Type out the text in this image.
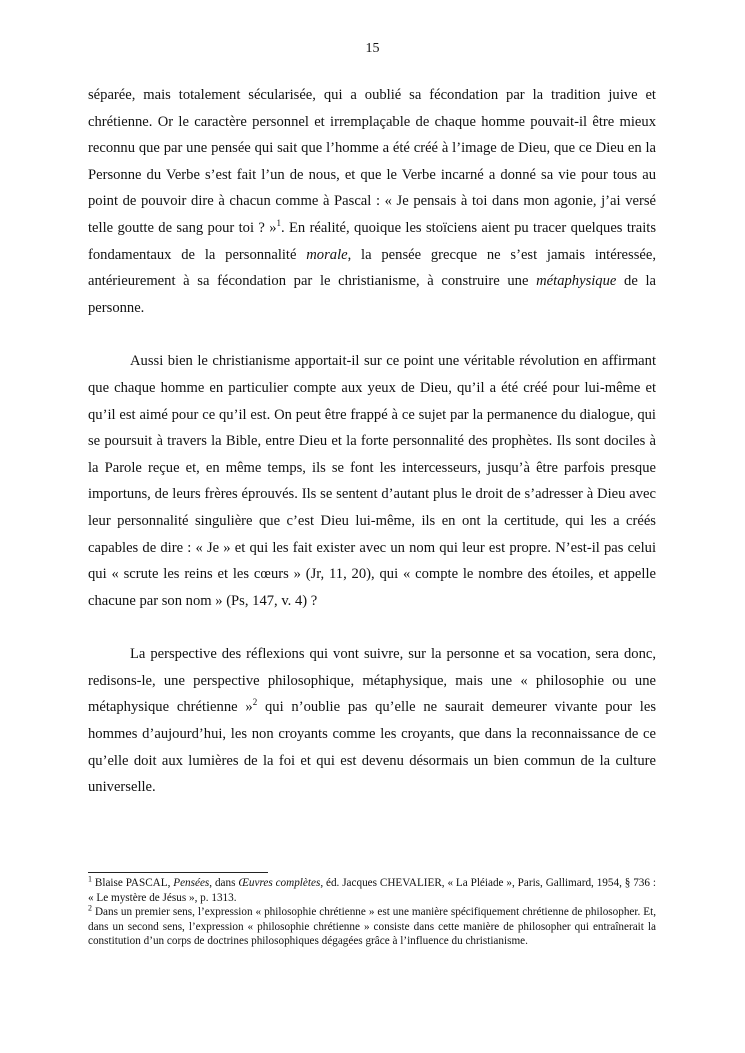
15

séparée, mais totalement sécularisée, qui a oublié sa fécondation par la tradition juive et chrétienne. Or le caractère personnel et irremplaçable de chaque homme pouvait-il être mieux reconnu que par une pensée qui sait que l’homme a été créé à l’image de Dieu, que ce Dieu en la Personne du Verbe s’est fait l’un de nous, et que le Verbe incarné a donné sa vie pour tous au point de pouvoir dire à chacun comme à Pascal : « Je pensais à toi dans mon agonie, j’ai versé telle goutte de sang pour toi ? »$^1$. En réalité, quoique les stoïciens aient pu tracer quelques traits fondamentaux de la personnalité morale, la pensée grecque ne s’est jamais intéressée, antérieurement à sa fécondation par le christianisme, à construire une métaphysique de la personne.

Aussi bien le christianisme apportait-il sur ce point une véritable révolution en affirmant que chaque homme en particulier compte aux yeux de Dieu, qu’il a été créé pour lui-même et qu’il est aimé pour ce qu’il est. On peut être frappé à ce sujet par la permanence du dialogue, qui se poursuit à travers la Bible, entre Dieu et la forte personnalité des prophètes. Ils sont dociles à la Parole reçue et, en même temps, ils se font les intercesseurs, jusqu’à être parfois presque importuns, de leurs frères éprouvés. Ils se sentent d’autant plus le droit de s’adresser à Dieu avec leur personnalité singulière que c’est Dieu lui-même, ils en ont la certitude, qui les a créés capables de dire : « Je » et qui les fait exister avec un nom qui leur est propre. N’est-il pas celui qui « scrute les reins et les cœurs » (Jr, 11, 20), qui « compte le nombre des étoiles, et appelle chacune par son nom » (Ps, 147, v. 4) ?

La perspective des réflexions qui vont suivre, sur la personne et sa vocation, sera donc, redisons-le, une perspective philosophique, métaphysique, mais une « philosophie ou une métaphysique chrétienne »$^2$ qui n’oublie pas qu’elle ne saurait demeurer vivante pour les hommes d’aujourd’hui, les non croyants comme les croyants, que dans la reconnaissance de ce qu’elle doit aux lumières de la foi et qui est devenu désormais un bien commun de la culture universelle.

$^1$ Blaise PASCAL, Pensées, dans Œuvres complètes, éd. Jacques CHEVALIER, « La Pléiade », Paris, Gallimard, 1954, § 736 : « Le mystère de Jésus », p. 1313.

$^2$ Dans un premier sens, l’expression « philosophie chrétienne » est une manière spécifiquement chrétienne de philosopher. Et, dans un second sens, l’expression « philosophie chrétienne » consiste dans cette manière de philosopher qui entraînerait la constitution d’un corps de doctrines philosophiques dégagées grâce à l’influence du christianisme.
